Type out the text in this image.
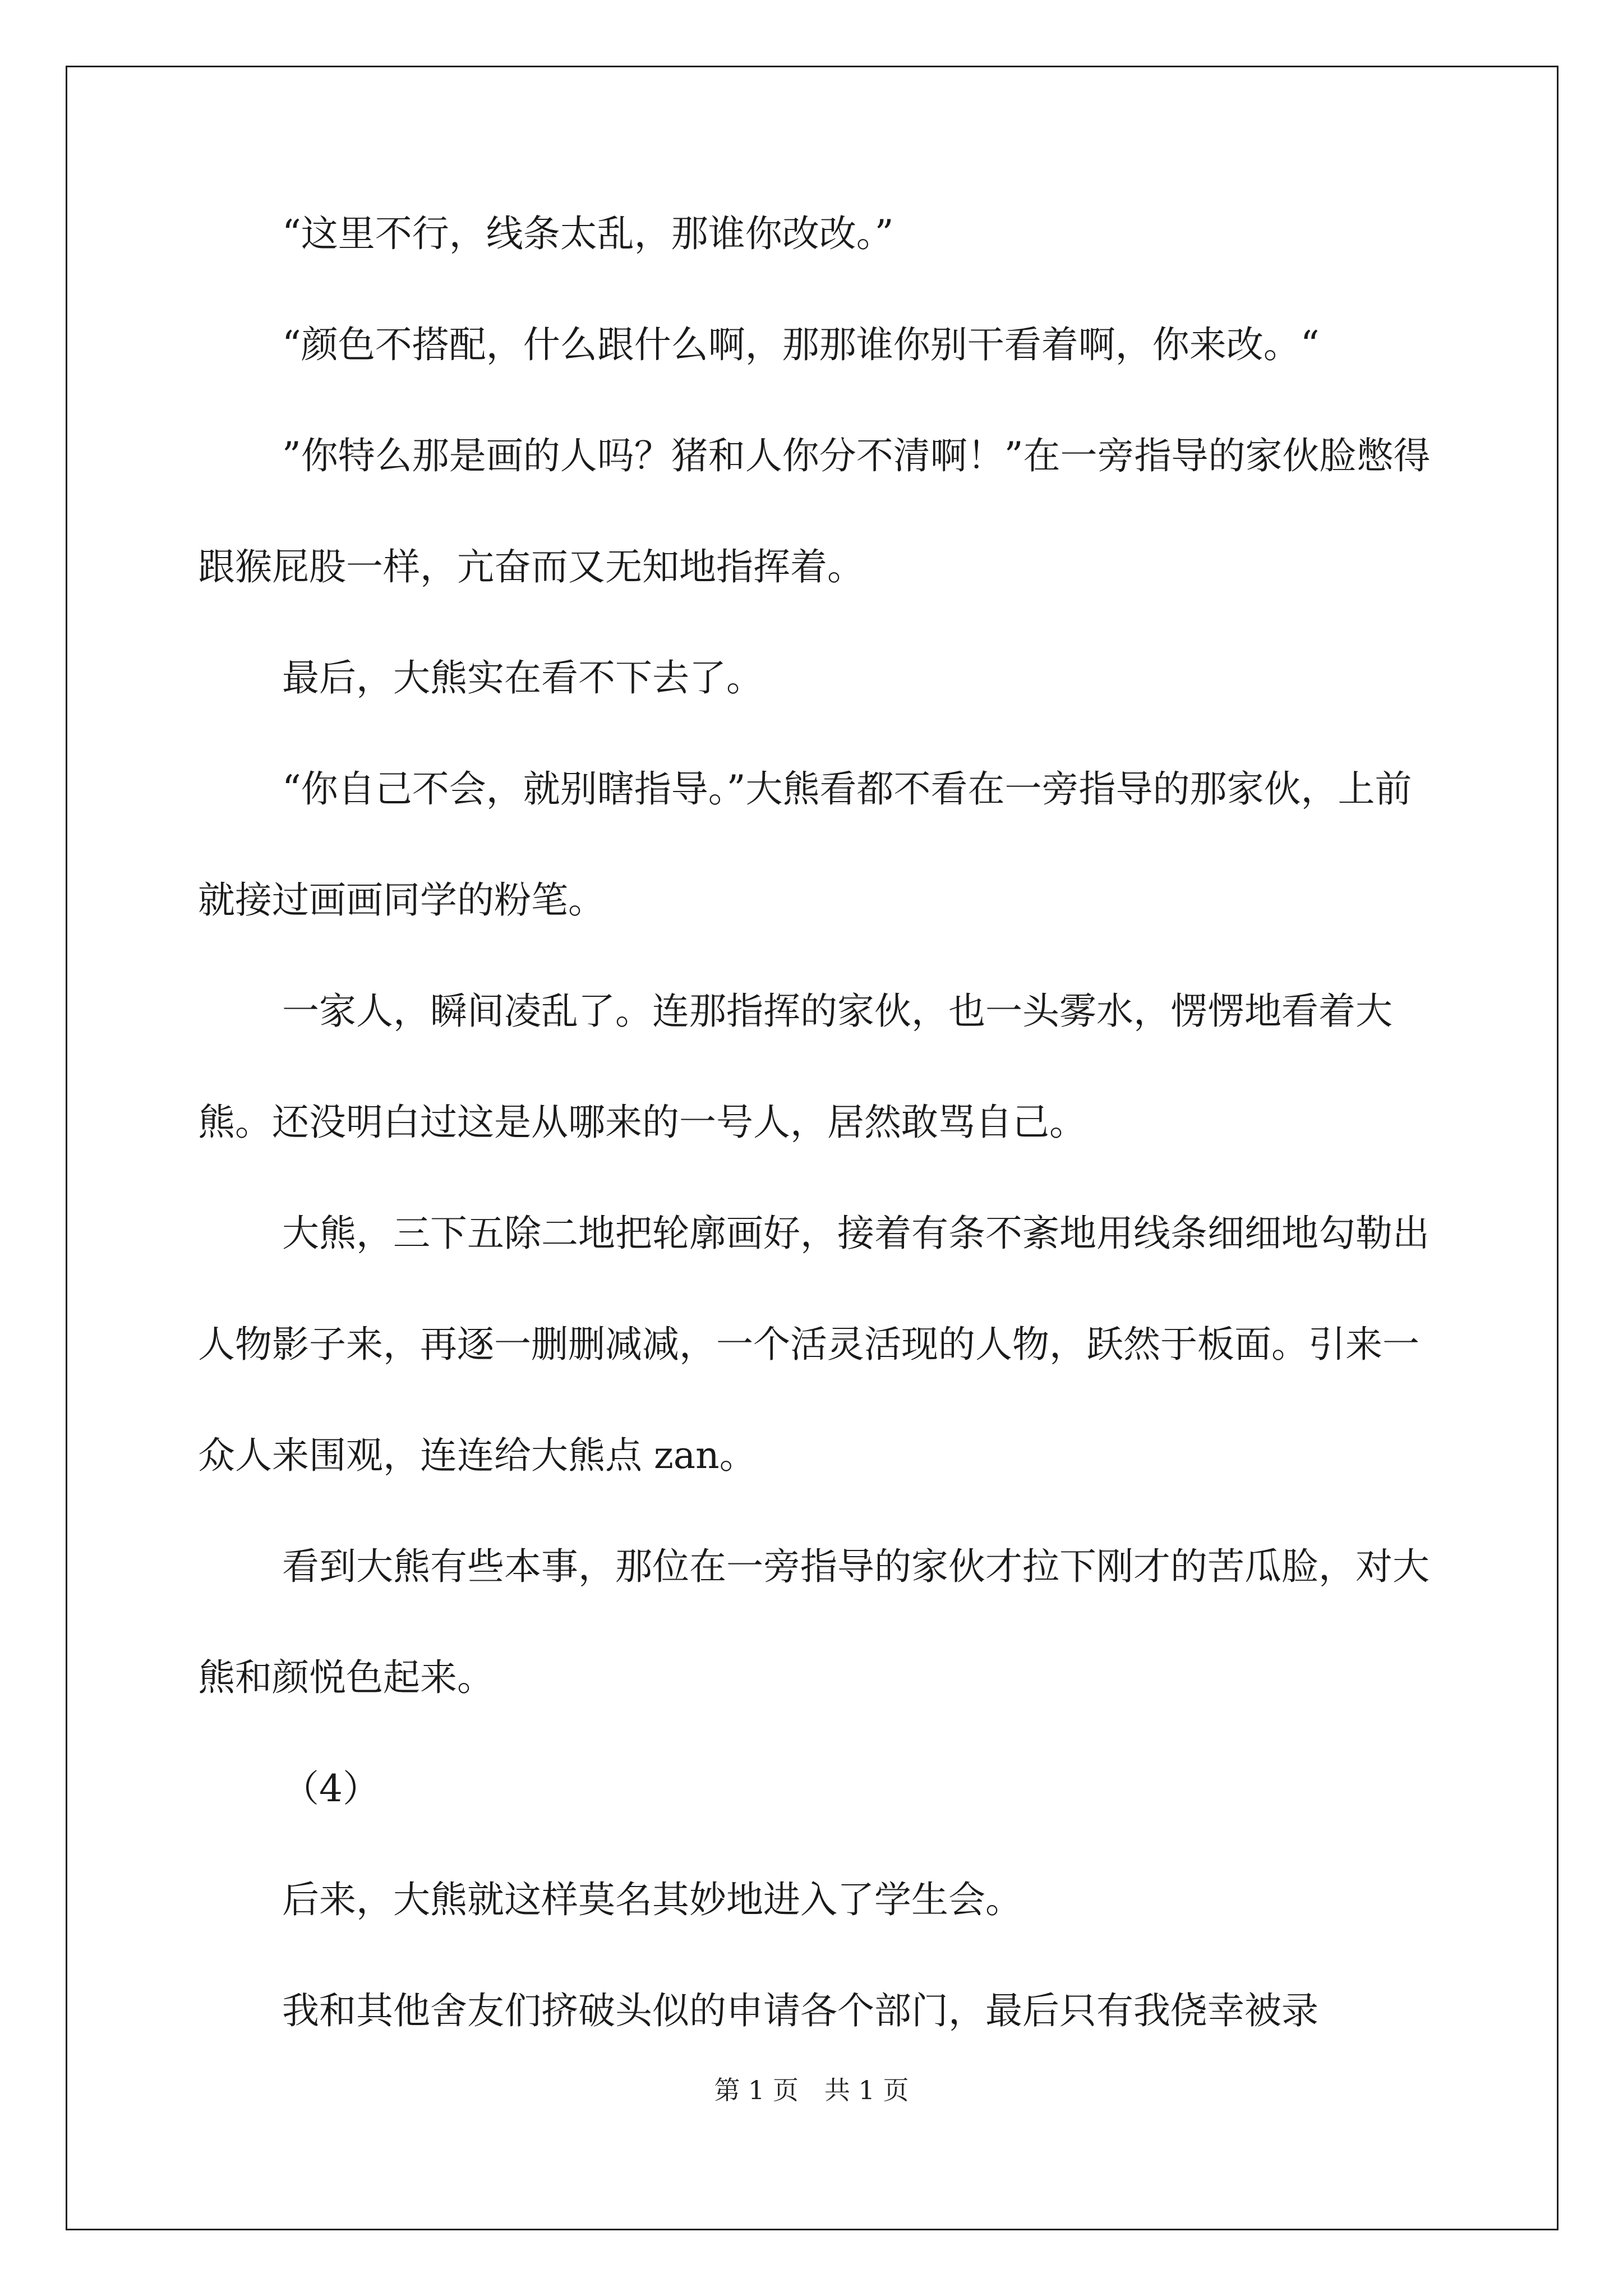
“这里不行，线条太乱，那谁你改改。”

“颜色不搭配，什么跟什么啊，那那谁你别干看着啊，你来改。“

”你特么那是画的人吗？猪和人你分不清啊！”在一旁指导的家伙脸憋得跟猴屁股一样，亢奋而又无知地指挥着。

最后，大熊实在看不下去了。

“你自己不会，就别瞎指导。”大熊看都不看在一旁指导的那家伙，上前就接过画画同学的粉笔。

一家人，瞬间凌乱了。连那指挥的家伙，也一头雾水，愣愣地看着大熊。还没明白过这是从哪来的一号人，居然敢骂自己。

大熊，三下五除二地把轮廓画好，接着有条不紊地用线条细细地勾勒出人物影子来，再逐一删删减减，一个活灵活现的人物，跃然于板面。引来一众人来围观，连连给大熊点 zan。

看到大熊有些本事，那位在一旁指导的家伙才拉下刚才的苦瓜脸，对大熊和颜悦色起来。

（4）

后来，大熊就这样莫名其妙地进入了学生会。

我和其他舍友们挤破头似的申请各个部门，最后只有我侥幸被录

第 1 页　共 1 页
